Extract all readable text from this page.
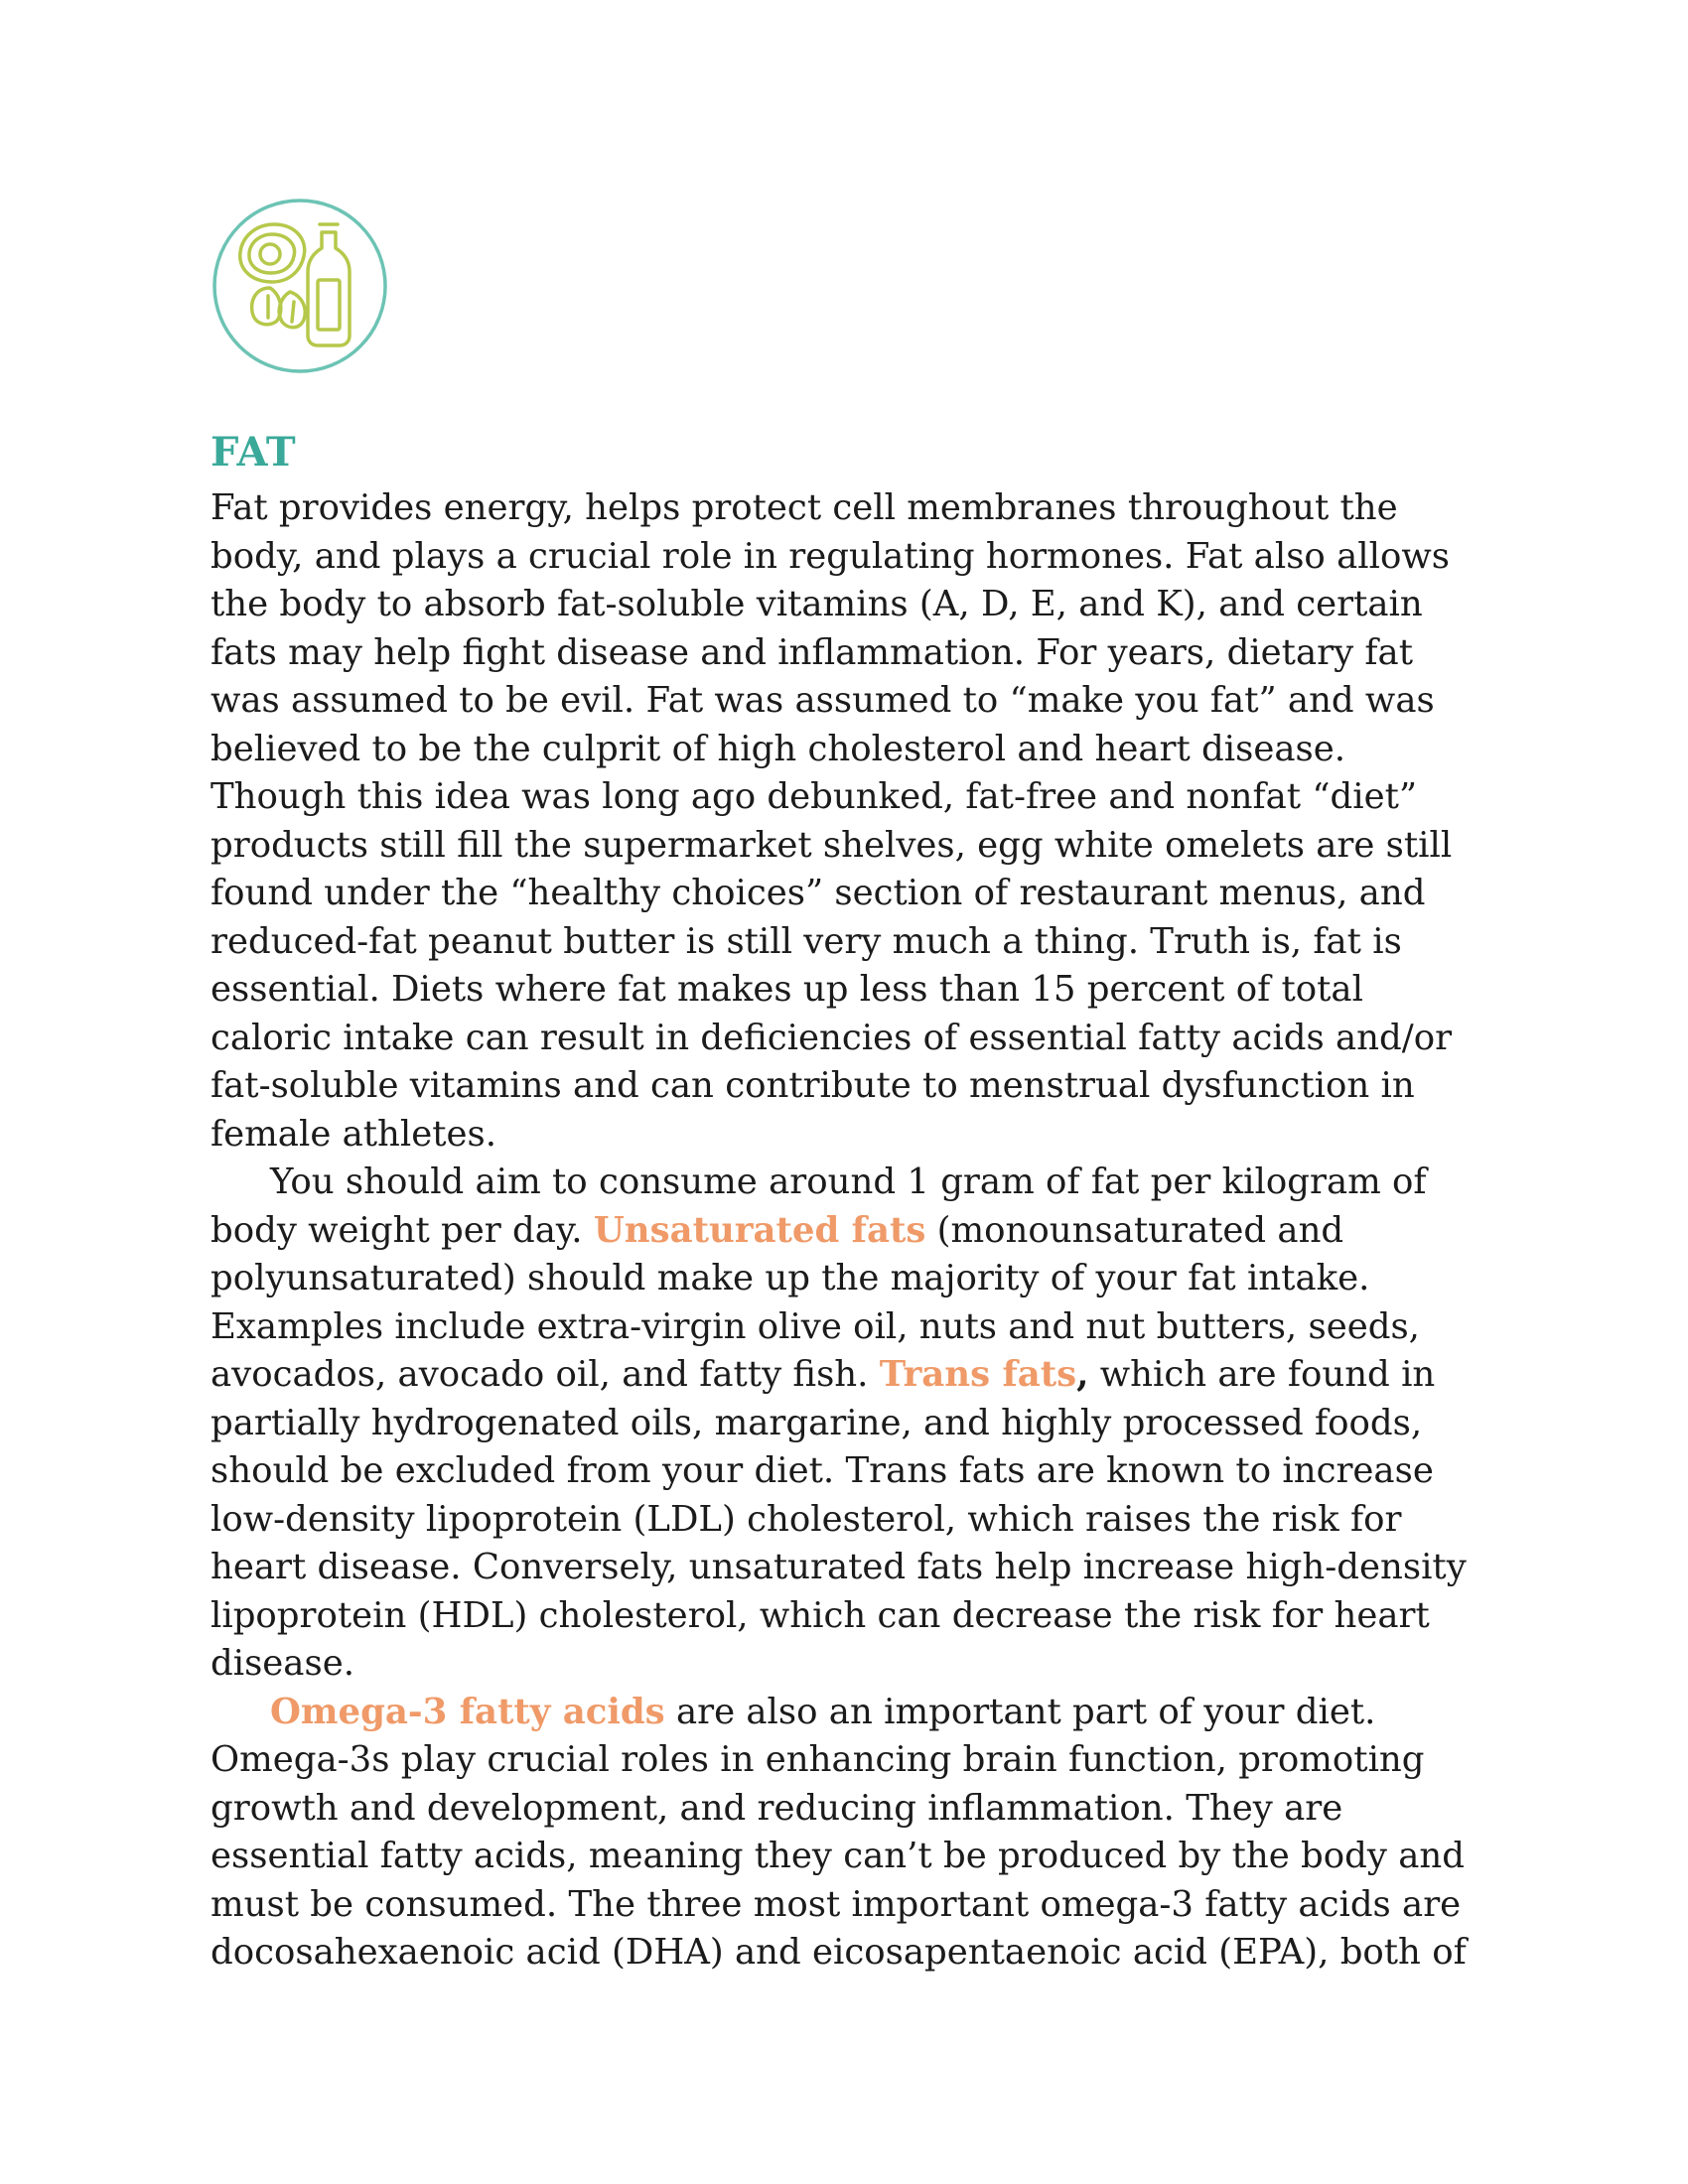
FAT

Fat provides energy, helps protect cell membranes throughout the body, and plays a crucial role in regulating hormones. Fat also allows the body to absorb fat-soluble vitamins (A, D, E, and K), and certain fats may help fight disease and inflammation. For years, dietary fat was assumed to be evil. Fat was assumed to “make you fat” and was believed to be the culprit of high cholesterol and heart disease. Though this idea was long ago debunked, fat-free and nonfat “diet” products still fill the supermarket shelves, egg white omelets are still found under the “healthy choices” section of restaurant menus, and reduced-fat peanut butter is still very much a thing. Truth is, fat is essential. Diets where fat makes up less than 15 percent of total caloric intake can result in deficiencies of essential fatty acids and/or fat-soluble vitamins and can contribute to menstrual dysfunction in female athletes.

You should aim to consume around 1 gram of fat per kilogram of body weight per day. Unsaturated fats (monounsaturated and polyunsaturated) should make up the majority of your fat intake. Examples include extra-virgin olive oil, nuts and nut butters, seeds, avocados, avocado oil, and fatty fish. Trans fats, which are found in partially hydrogenated oils, margarine, and highly processed foods, should be excluded from your diet. Trans fats are known to increase low-density lipoprotein (LDL) cholesterol, which raises the risk for heart disease. Conversely, unsaturated fats help increase high-density lipoprotein (HDL) cholesterol, which can decrease the risk for heart disease.

Omega-3 fatty acids are also an important part of your diet. Omega-3s play crucial roles in enhancing brain function, promoting growth and development, and reducing inflammation. They are essential fatty acids, meaning they can’t be produced by the body and must be consumed. The three most important omega-3 fatty acids are docosahexaenoic acid (DHA) and eicosapentaenoic acid (EPA), both of
